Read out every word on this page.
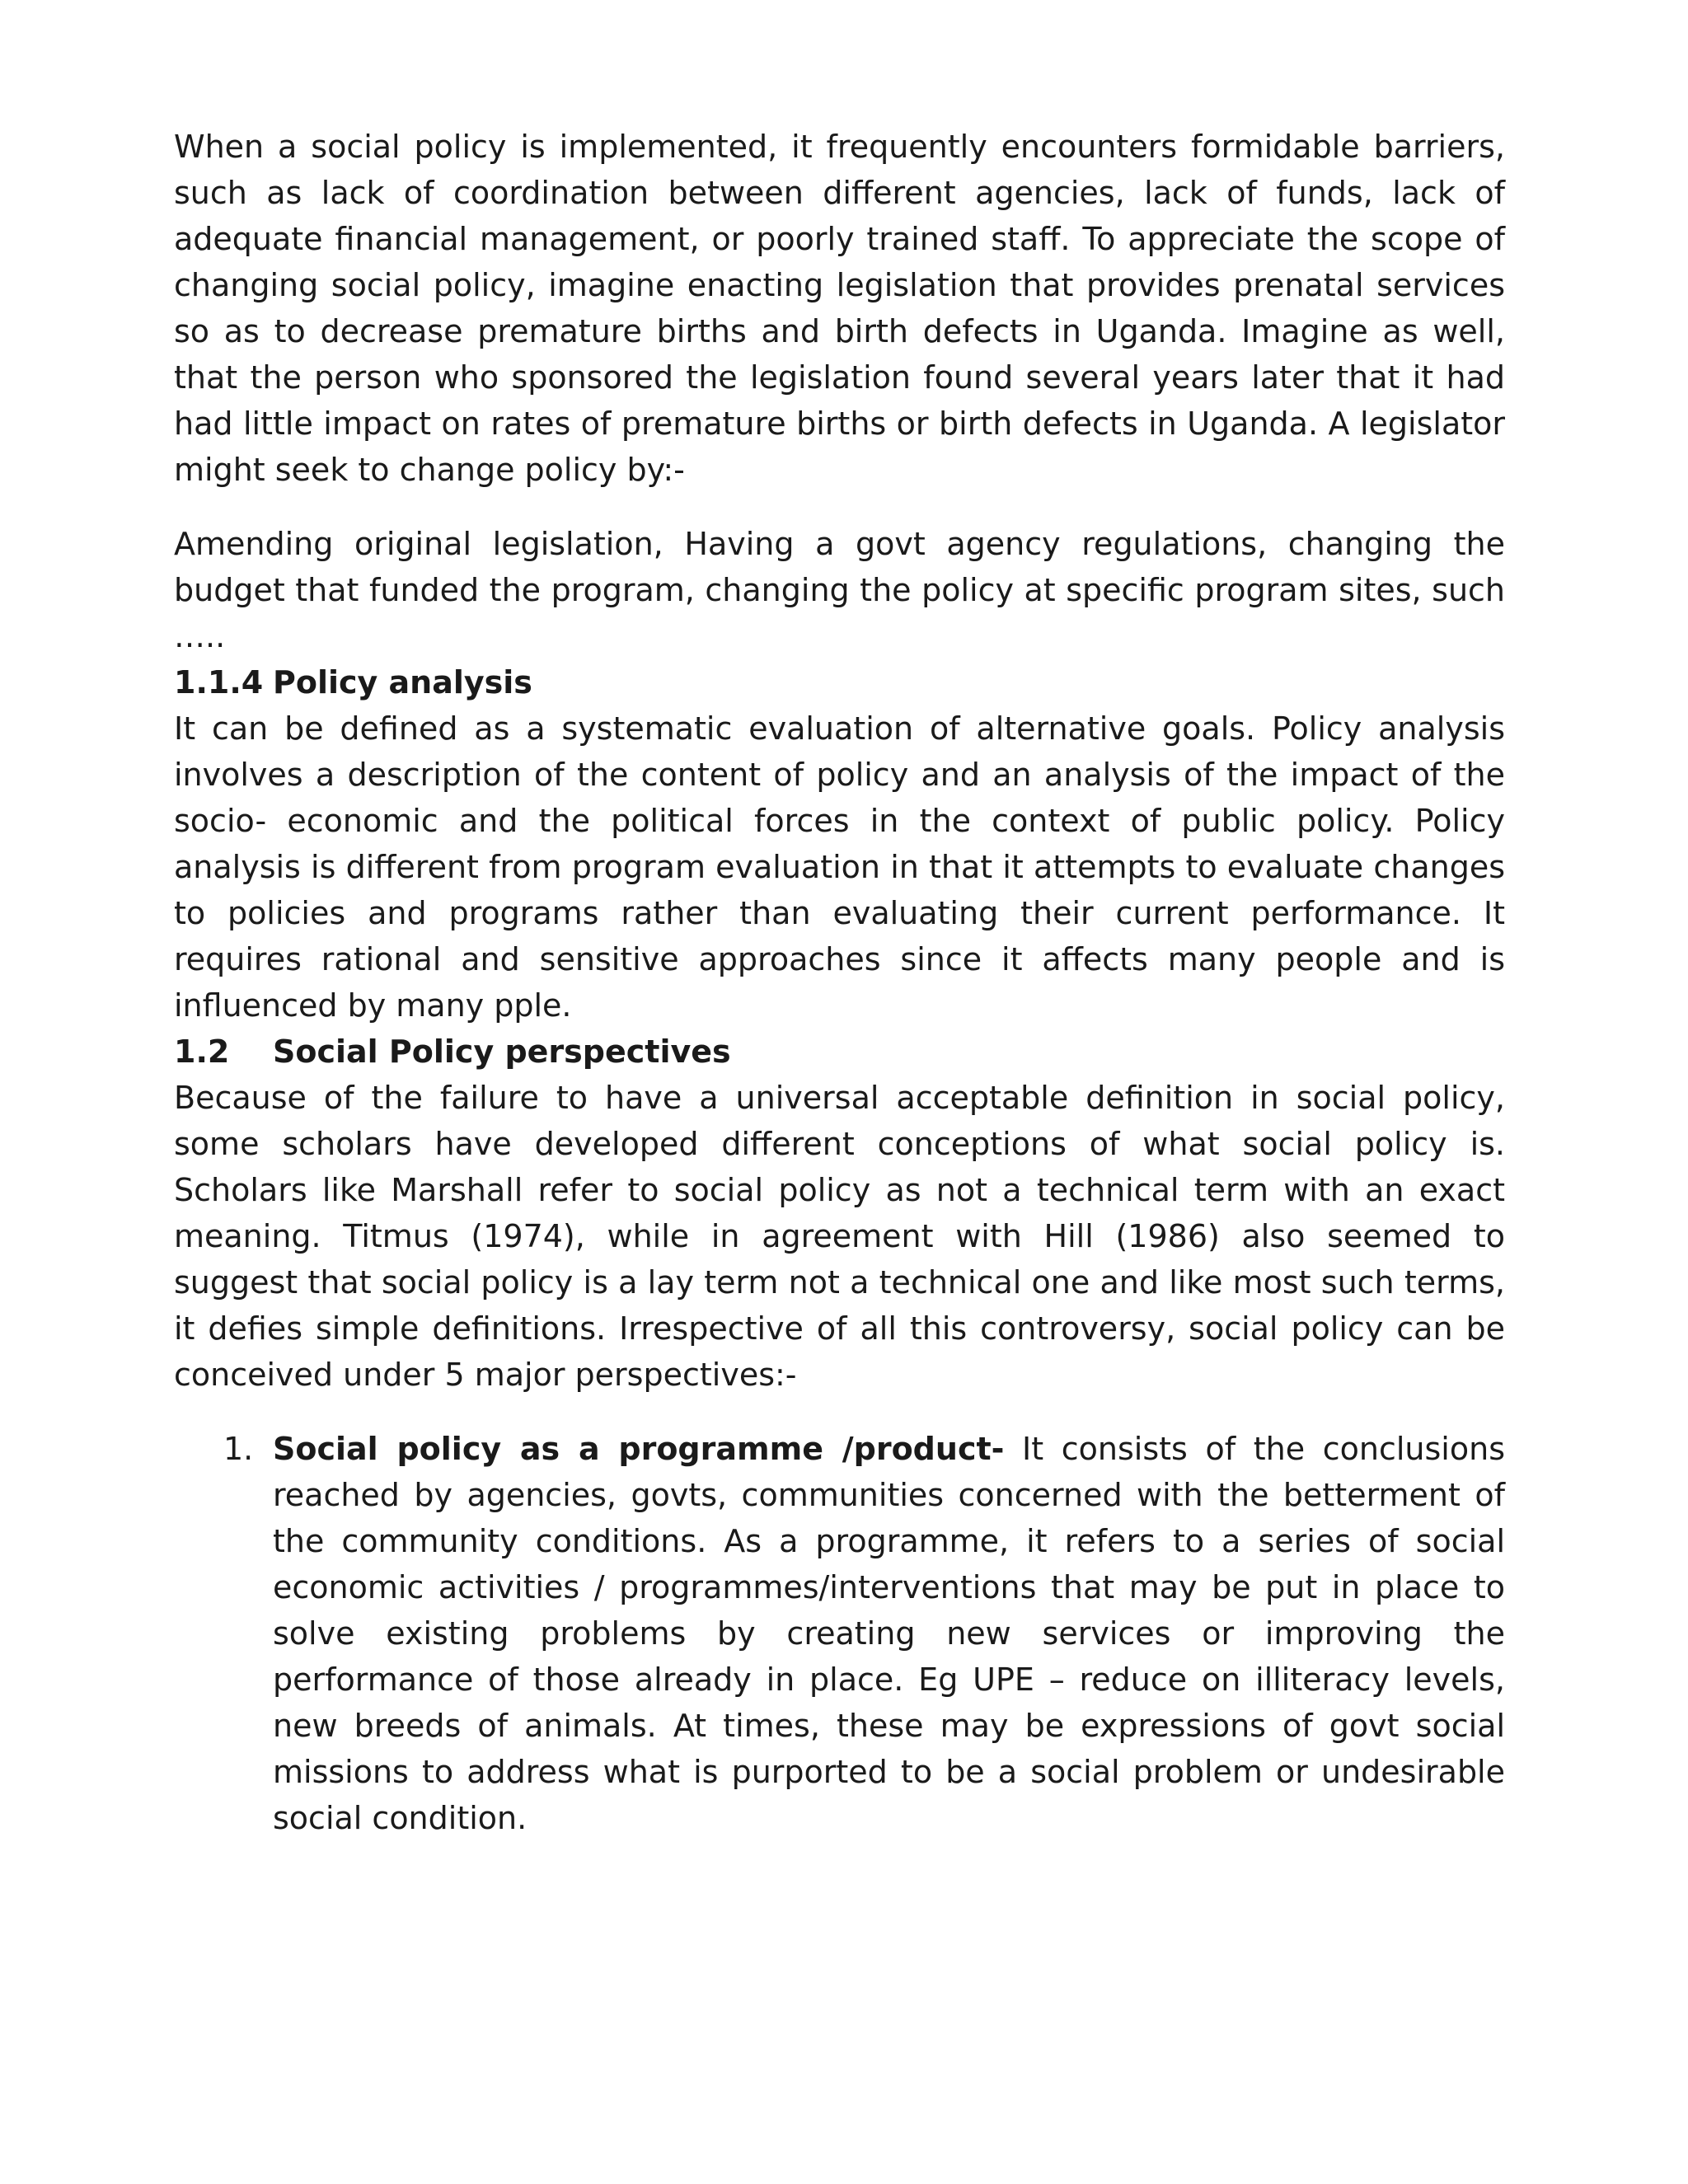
When a social policy is implemented, it frequently encounters formidable barriers, such as lack of coordination between different agencies, lack of funds, lack of adequate financial management, or poorly trained staff. To appreciate the scope of changing social policy, imagine enacting legislation that provides prenatal services so as to decrease premature births and birth defects in Uganda. Imagine as well, that the person who sponsored the legislation found several years later that it had had little impact on rates of premature births or birth defects in Uganda. A legislator might seek to change policy by:-

Amending original legislation, Having a govt agency regulations, changing the budget that funded the program, changing the policy at specific program sites, such …..

1.1.4 Policy analysis

It can be defined as a systematic evaluation of alternative goals. Policy analysis involves a description of the content of policy and an analysis of the impact of the socio- economic and the political forces in the context of public policy. Policy analysis is different from program evaluation in that it attempts to evaluate changes to policies and programs rather than evaluating their current performance. It requires rational and sensitive approaches since it affects many people and is influenced by many pple.

1.2 Social Policy perspectives

Because of the failure to have a universal acceptable definition in social policy, some scholars have developed different conceptions of what social policy is. Scholars like Marshall refer to social policy as not a technical term with an exact meaning. Titmus (1974), while in agreement with Hill (1986) also seemed to suggest that social policy is a lay term not a technical one and like most such terms, it defies simple definitions. Irrespective of all this controversy, social policy can be conceived under 5 major perspectives:-

1. Social policy as a programme /product- It consists of the conclusions reached by agencies, govts, communities concerned with the betterment of the community conditions. As a programme, it refers to a series of social economic activities / programmes/interventions that may be put in place to solve existing problems by creating new services or improving the performance of those already in place. Eg UPE – reduce on illiteracy levels, new breeds of animals. At times, these may be expressions of govt social missions to address what is purported to be a social problem or undesirable social condition.
